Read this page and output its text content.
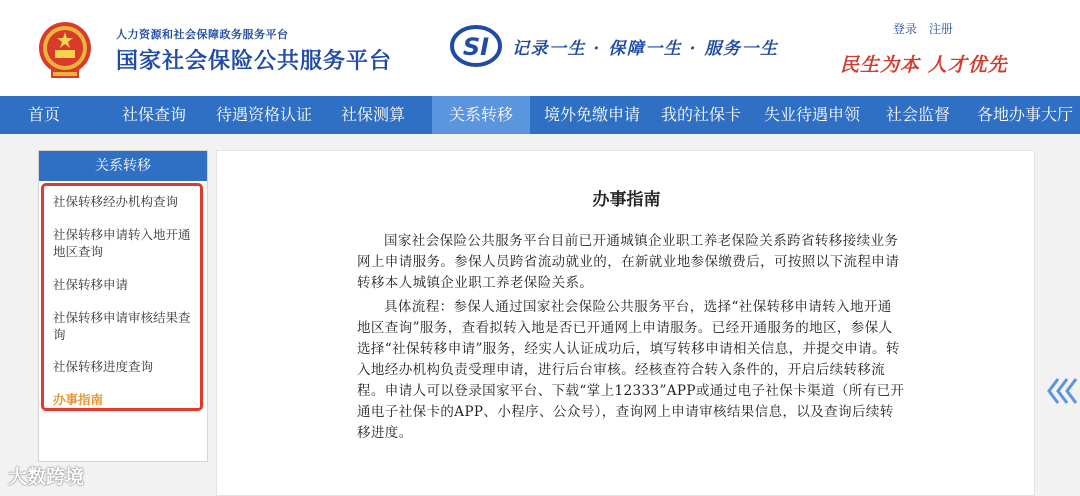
人力资源和社会保障政务服务平台
国家社会保险公共服务平台	SI 记录一生 · 保障一生 · 服务一生
登录 注册
民生为本 人才优先
首页	社保查询	待遇资格认证	社保测算	关系转移	境外免缴申请	我的社保卡	失业待遇申领	社会监督	各地办事大厅
关系转移
社保转移经办机构查询
社保转移申请转入地开通地区查询
社保转移申请
社保转移申请审核结果查询
社保转移进度查询
办事指南
办事指南

国家社会保险公共服务平台目前已开通城镇企业职工养老保险关系跨省转移接续业务网上申请服务。参保人员跨省流动就业的，在新就业地参保缴费后，可按照以下流程申请转移本人城镇企业职工养老保险关系。

具体流程：参保人通过国家社会保险公共服务平台，选择“社保转移申请转入地开通地区查询”服务，查看拟转入地是否已开通网上申请服务。已经开通服务的地区，参保人选择“社保转移申请”服务，经实人认证成功后，填写转移申请相关信息，并提交申请。转入地经办机构负责受理申请，进行后台审核。经核查符合转入条件的，开启后续转移流程。申请人可以登录国家平台、下载“掌上12333”APP或通过电子社保卡渠道（所有已开通电子社保卡的APP、小程序、公众号），查询网上申请审核结果信息，以及查询后续转移进度。

大数跨境
